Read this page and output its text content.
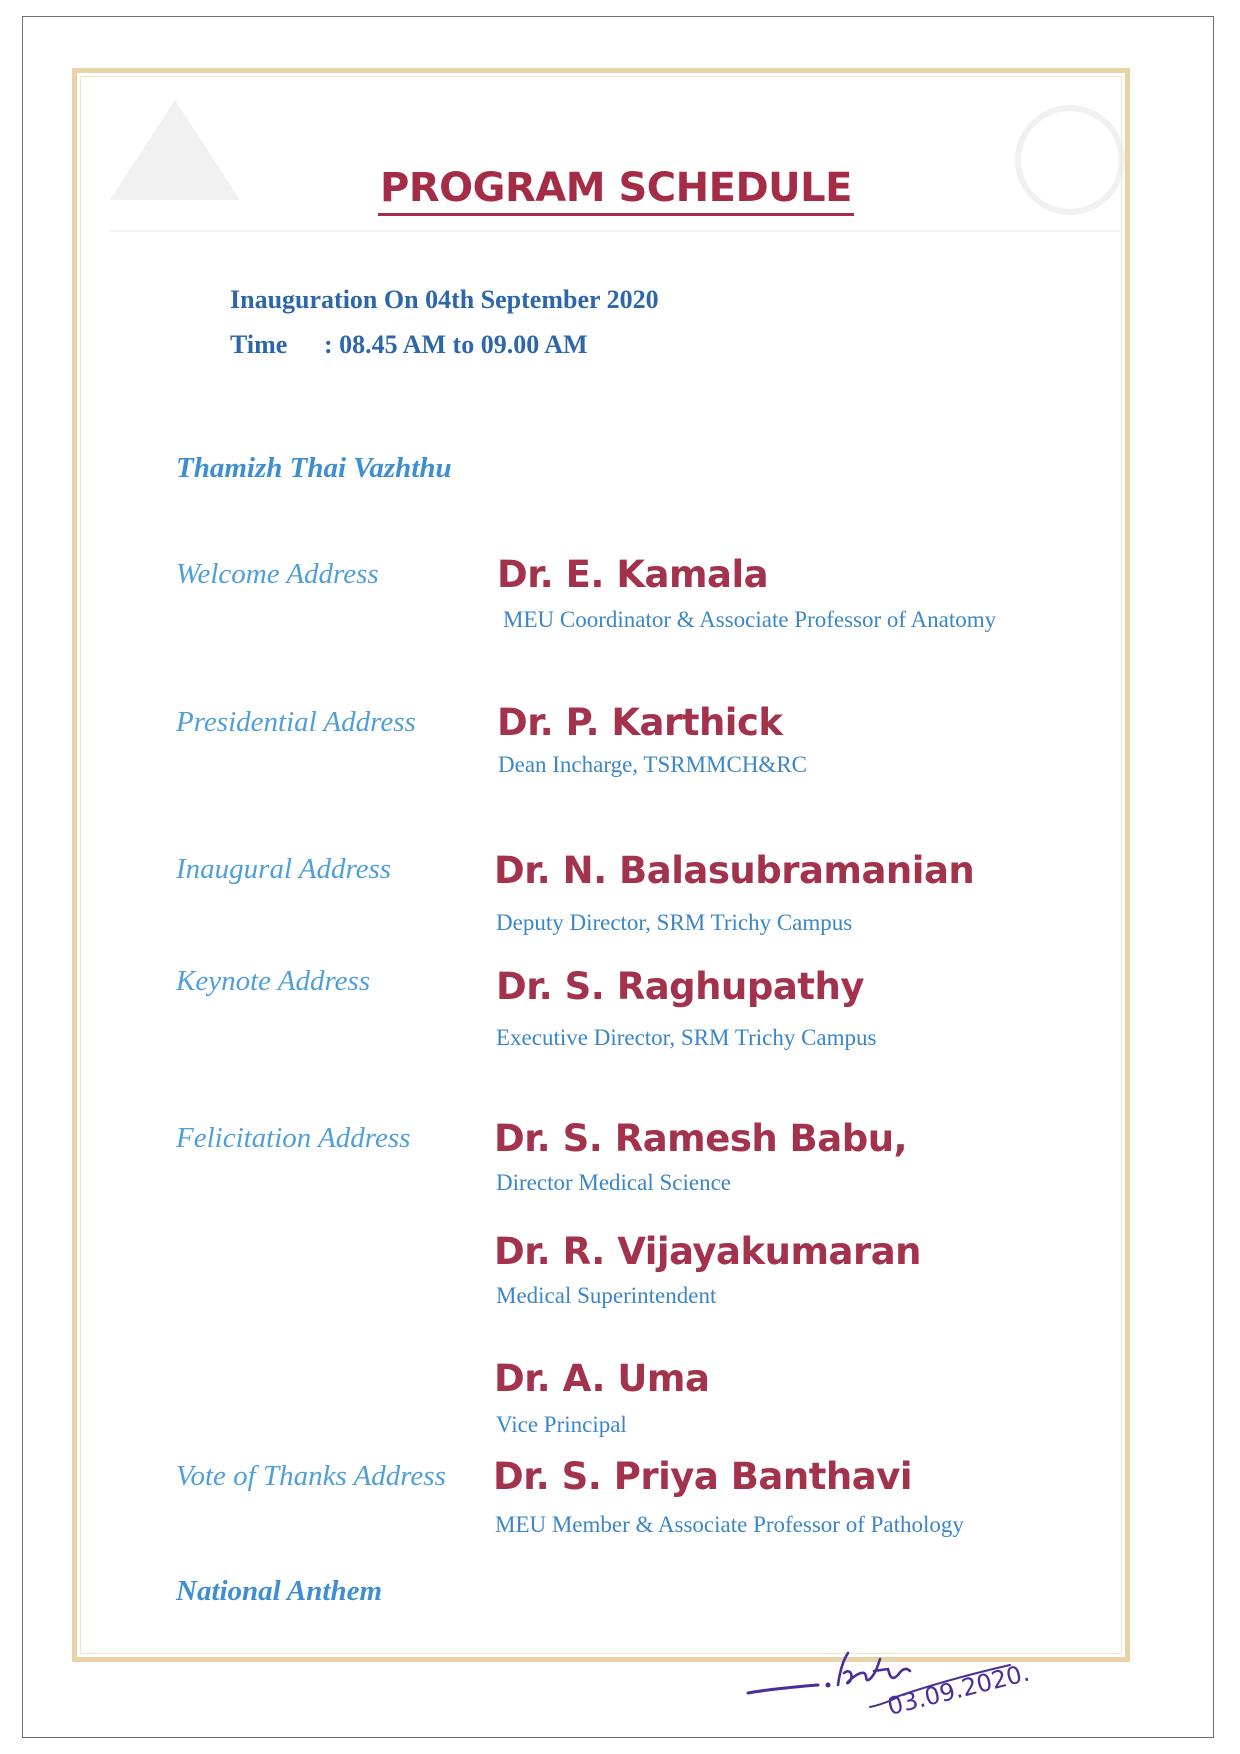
PROGRAM SCHEDULE
Inauguration On 04th September 2020
Time : 08.45 AM to 09.00 AM
Thamizh Thai Vazhthu
Welcome Address	Dr. E. Kamala
MEU Coordinator & Associate Professor of Anatomy
Presidential Address Dr. P. Karthick
Dean Incharge, TSRMMCH&RC
Inaugural Address	Dr. N. Balasubramanian
Deputy Director, SRM Trichy Campus
Keynote Address	Dr. S. Raghupathy
Executive Director, SRM Trichy Campus
Felicitation Address Dr. S. Ramesh Babu,
Director Medical Science
Dr. R. Vijayakumaran
Medical Superintendent
Dr. A. Uma
Vice Principal
Vote of Thanks Address Dr. S. Priya Banthavi
MEU Member & Associate Professor of Pathology
National Anthem
03.09.2020.
